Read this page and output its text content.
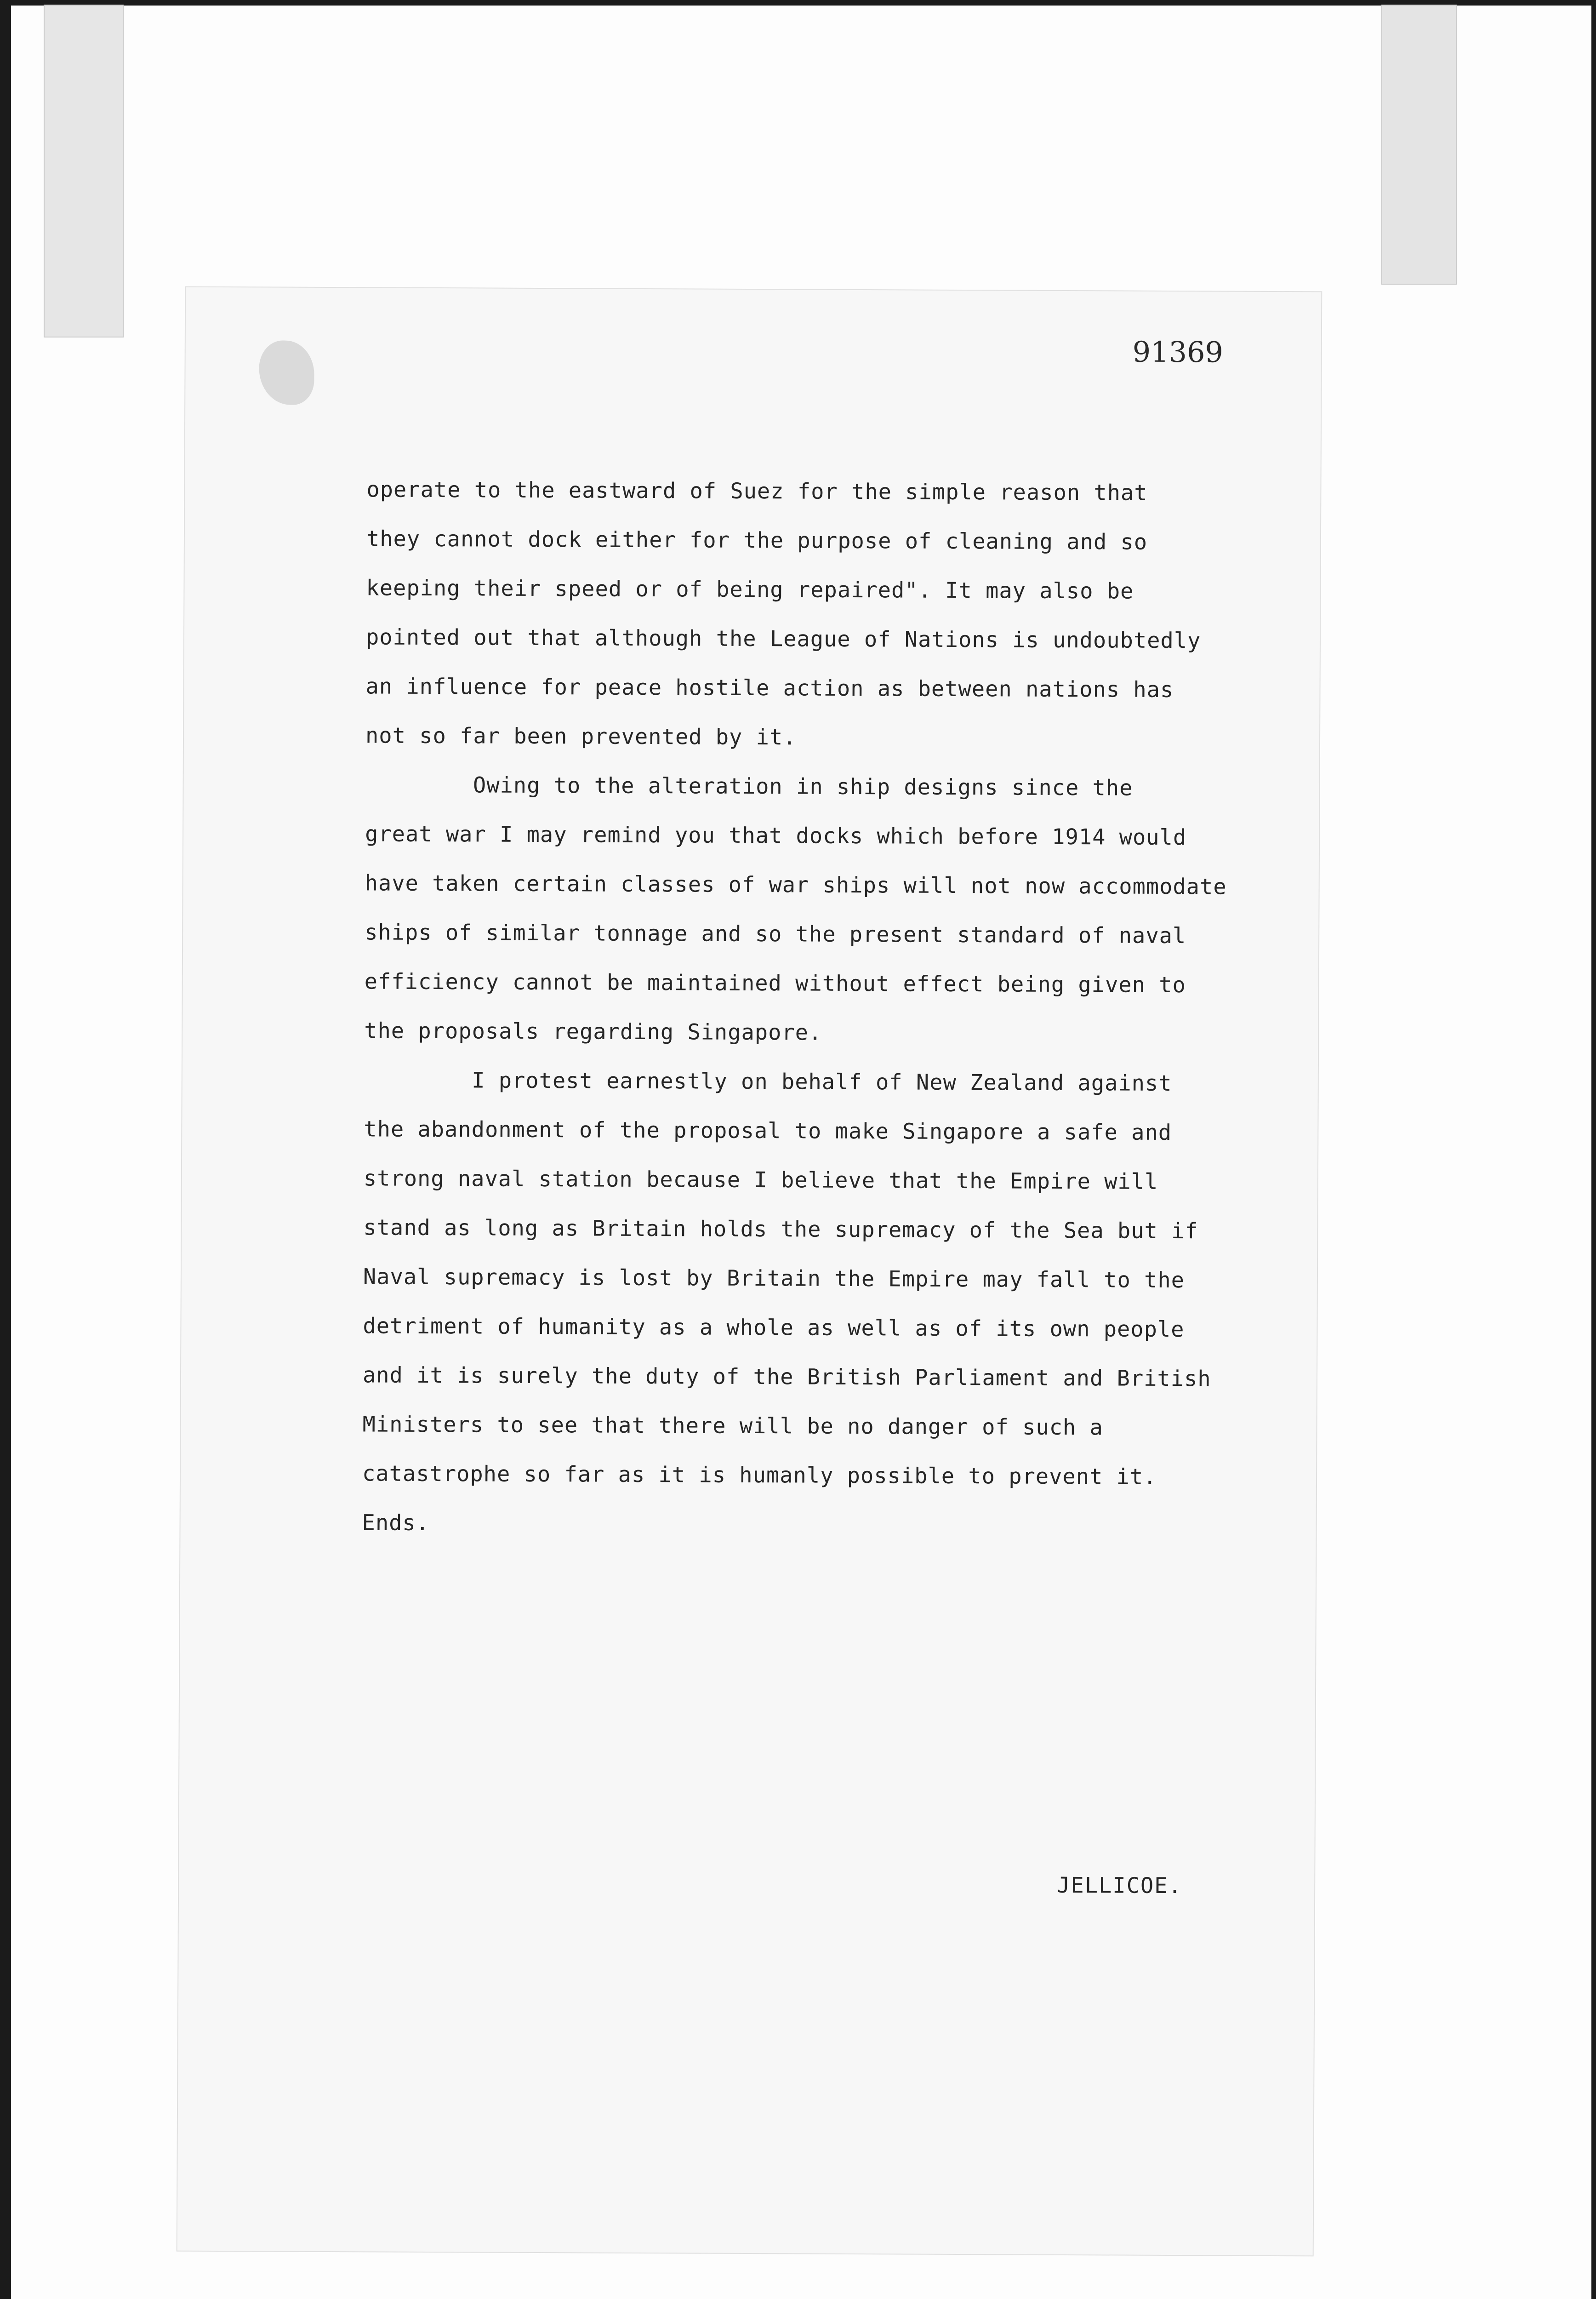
91369
operate to the eastward of Suez for the simple reason that
they cannot dock either for the purpose of cleaning and so
keeping their speed or of being repaired". It may also be
pointed out that although the League of Nations is undoubtedly
an influence for peace hostile action as between nations has
not so far been prevented by it.
Owing to the alteration in ship designs since the
great war I may remind you that docks which before 1914 would
have taken certain classes of war ships will not now accommodate
ships of similar tonnage and so the present standard of naval
efficiency cannot be maintained without effect being given to
the proposals regarding Singapore.
I protest earnestly on behalf of New Zealand against
the abandonment of the proposal to make Singapore a safe and
strong naval station because I believe that the Empire will
stand as long as Britain holds the supremacy of the Sea but if
Naval supremacy is lost by Britain the Empire may fall to the
detriment of humanity as a whole as well as of its own people
and it is surely the duty of the British Parliament and British
Ministers to see that there will be no danger of such a
catastrophe so far as it is humanly possible to prevent it.
Ends.
JELLICOE.
